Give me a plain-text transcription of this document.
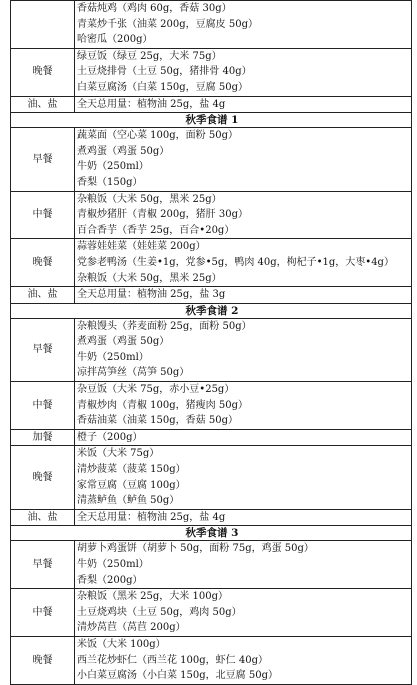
	香菇炖鸡（鸡肉 60g，香菇 30g）
青菜炒千张（油菜 200g，豆腐皮 50g）
哈密瓜（200g）

晚餐	绿豆饭（绿豆 25g，大米 75g）
土豆烧排骨（土豆 50g，猪排骨 40g）
白菜豆腐汤（白菜 150g，豆腐 50g）

油、盐	全天总用量：植物油 25g，盐 4g
秋季食谱 1	
早餐	蔬菜面（空心菜 100g，面粉 50g）
煮鸡蛋（鸡蛋 50g）
牛奶（250ml）
香梨（150g）

中餐	杂粮饭（大米 50g，黑米 25g）
青椒炒猪肝（青椒 200g，猪肝 30g）
百合香芋（香芋 25g，百合•20g）

晚餐	蒜蓉娃娃菜（娃娃菜 200g）
党参老鸭汤（生姜•1g，党参•5g，鸭肉 40g，枸杞子•1g，大枣•4g）
杂粮饭（大米 50g，黑米 25g）

油、盐	全天总用量：植物油 25g，盐 3g
秋季食谱 2	
早餐	杂粮馒头（荞麦面粉 25g，面粉 50g）
煮鸡蛋（鸡蛋 50g）
牛奶（250ml）
凉拌莴笋丝（莴笋 50g）

中餐	杂豆饭（大米 75g，赤小豆•25g）
青椒炒肉（青椒 100g，猪瘦肉 50g）
香菇油菜（油菜 150g，香菇 50g）

加餐	橙子（200g）

晚餐	米饭（大米 75g）
清炒菠菜（菠菜 150g）
家常豆腐（豆腐 100g）
清蒸鲈鱼（鲈鱼 50g）

油、盐	全天总用量：植物油 25g，盐 4g
秋季食谱 3	
早餐	胡萝卜鸡蛋饼（胡萝卜 50g，面粉 75g，鸡蛋 50g）
牛奶（250ml）
香梨（200g）

中餐	杂粮饭（黑米 25g，大米 100g）
土豆烧鸡块（土豆 50g，鸡肉 50g）
清炒莴苣（莴苣 200g）

晚餐	米饭（大米 100g）
西兰花炒虾仁（西兰花 100g，虾仁 40g）
小白菜豆腐汤（小白菜 150g，北豆腐 50g）
